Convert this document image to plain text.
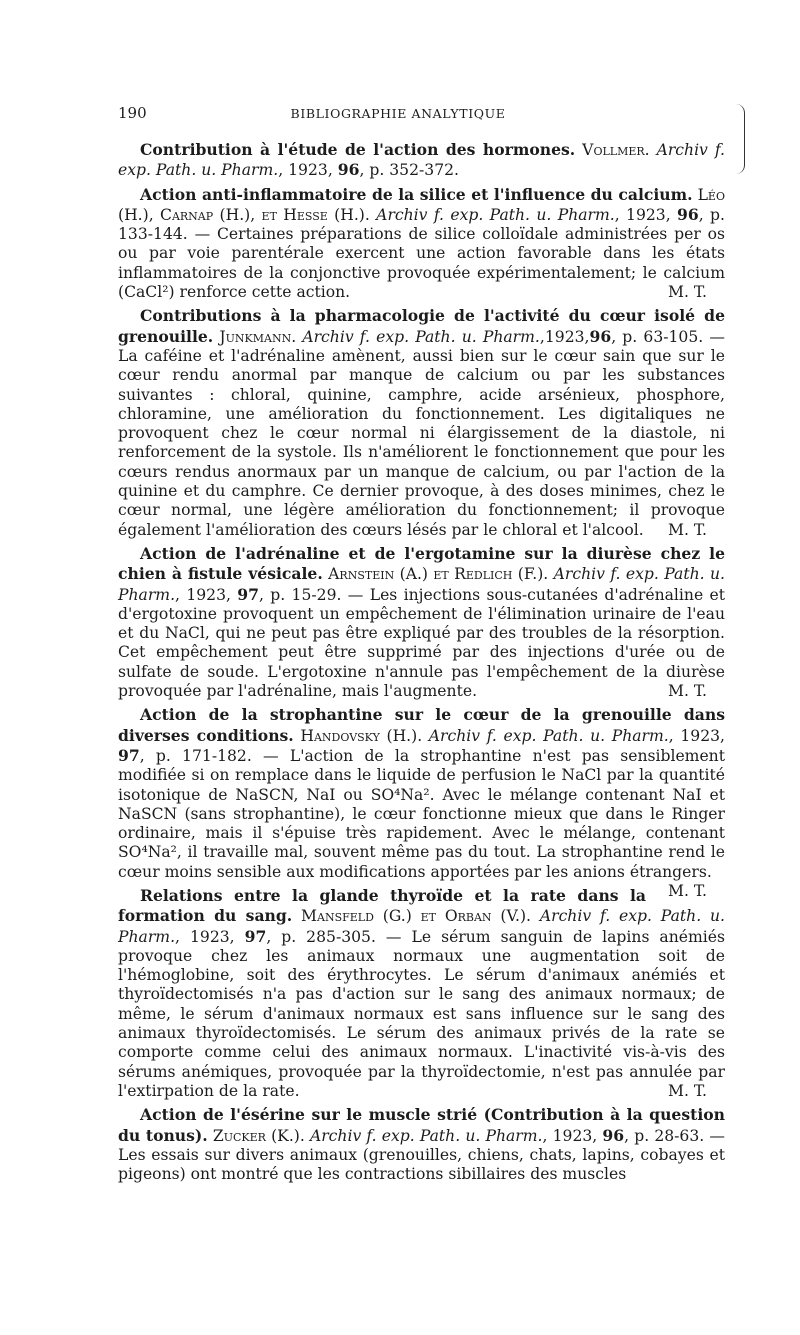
190	BIBLIOGRAPHIE ANALYTIQUE

Contribution à l'étude de l'action des hormones. Vollmer. Archiv f. exp. Path. u. Pharm., 1923, 96, p. 352-372.

Action anti-inflammatoire de la silice et l'influence du calcium. Léo (H.), Carnap (H.), et Hesse (H.). Archiv f. exp. Path. u. Pharm., 1923, 96, p. 133-144. — Certaines préparations de silice colloïdale administrées per os ou par voie parentérale exercent une action favorable dans les états inflammatoires de la conjonctive provoquée expérimentalement; le calcium (CaCl²) renforce cette action.	M. T.

Contributions à la pharmacologie de l'activité du cœur isolé de grenouille. Junkmann. Archiv f. exp. Path. u. Pharm.,1923,96, p. 63-105. — La caféine et l'adrénaline amènent, aussi bien sur le cœur sain que sur le cœur rendu anormal par manque de calcium ou par les substances suivantes : chloral, quinine, camphre, acide arsénieux, phosphore, chloramine, une amélioration du fonctionnement. Les digitaliques ne provoquent chez le cœur normal ni élargissement de la diastole, ni renforcement de la systole. Ils n'améliorent le fonctionnement que pour les cœurs rendus anormaux par un manque de calcium, ou par l'action de la quinine et du camphre. Ce dernier provoque, à des doses minimes, chez le cœur normal, une légère amélioration du fonctionnement; il provoque également l'amélioration des cœurs lésés par le chloral et l'alcool.	M. T.

Action de l'adrénaline et de l'ergotamine sur la diurèse chez le chien à fistule vésicale. Arnstein (A.) et Redlich (F.). Archiv f. exp. Path. u. Pharm., 1923, 97, p. 15-29. — Les injections sous-cutanées d'adrénaline et d'ergotoxine provoquent un empêchement de l'élimination urinaire de l'eau et du NaCl, qui ne peut pas être expliqué par des troubles de la résorption. Cet empêchement peut être supprimé par des injections d'urée ou de sulfate de soude. L'ergotoxine n'annule pas l'empêchement de la diurèse provoquée par l'adrénaline, mais l'augmente.	M. T.

Action de la strophantine sur le cœur de la grenouille dans diverses conditions. Handovsky (H.). Archiv f. exp. Path. u. Pharm., 1923, 97, p. 171-182. — L'action de la strophantine n'est pas sensiblement modifiée si on remplace dans le liquide de perfusion le NaCl par la quantité isotonique de NaSCN, NaI ou SO⁴Na². Avec le mélange contenant NaI et NaSCN (sans strophantine), le cœur fonctionne mieux que dans le Ringer ordinaire, mais il s'épuise très rapidement. Avec le mélange, contenant SO⁴Na², il travaille mal, souvent même pas du tout. La strophantine rend le cœur moins sensible aux modifications apportées par les anions étrangers.
M. T.

Relations entre la glande thyroïde et la rate dans la formation du sang. Mansfeld (G.) et Orban (V.). Archiv f. exp. Path. u. Pharm., 1923, 97, p. 285-305. — Le sérum sanguin de lapins anémiés provoque chez les animaux normaux une augmentation soit de l'hémoglobine, soit des érythrocytes. Le sérum d'animaux anémiés et thyroïdectomisés n'a pas d'action sur le sang des animaux normaux; de même, le sérum d'animaux normaux est sans influence sur le sang des animaux thyroïdectomisés. Le sérum des animaux privés de la rate se comporte comme celui des animaux normaux. L'inactivité vis-à-vis des sérums anémiques, provoquée par la thyroïdectomie, n'est pas annulée par l'extirpation de la rate.	M. T.

Action de l'ésérine sur le muscle strié (Contribution à la question du tonus). Zucker (K.). Archiv f. exp. Path. u. Pharm., 1923, 96, p. 28-63. — Les essais sur divers animaux (grenouilles, chiens, chats, lapins, cobayes et pigeons) ont montré que les contractions sibillaires des muscles
